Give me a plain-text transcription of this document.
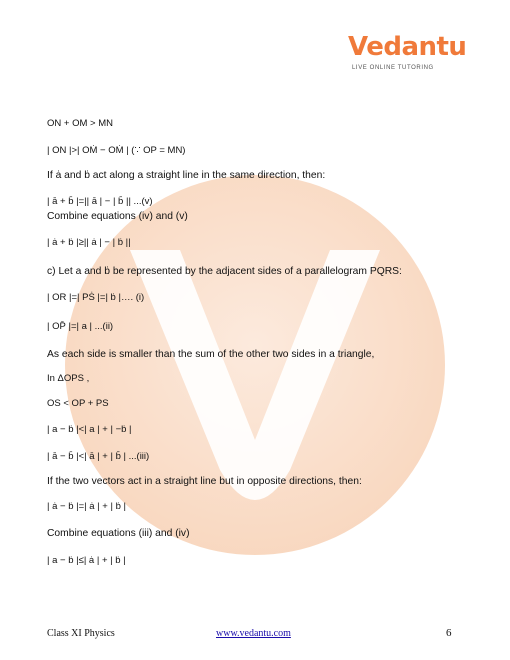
Vedantu
LIVE ONLINE TUTORING
ON + OM > MN
| ON |>| OṀ − OṀ | (∵ OP = MN)
If ȧ and ḃ act along a straight line in the same direction, then:
| ā + b̄ |=|| ā | − | b̄ || ...(v)
Combine equations (iv) and (v)
| ȧ + ḃ |≥|| ȧ | − | ḃ ||
c) Let a and ḃ be represented by the adjacent sides of a parallelogram PQRS:
| OR |=| PṠ |=| ḃ |…. (i)
| OP̄ |=| a | ...(ii)
As each side is smaller than the sum of the other two sides in a triangle,
In ΔOPS ,
OS < OP + PS
| a − ḃ |<| a | + | −ḃ |
| ā − b̄ |<| ā | + | b̄ | ...(iii)
If the two vectors act in a straight line but in opposite directions, then:
| ȧ − ḃ |=| ȧ | + | ḃ |
Combine equations (iii) and (iv)
| a − ḃ |≤| ȧ | + | ḃ |
Class XI Physics	www.vedantu.com	6
